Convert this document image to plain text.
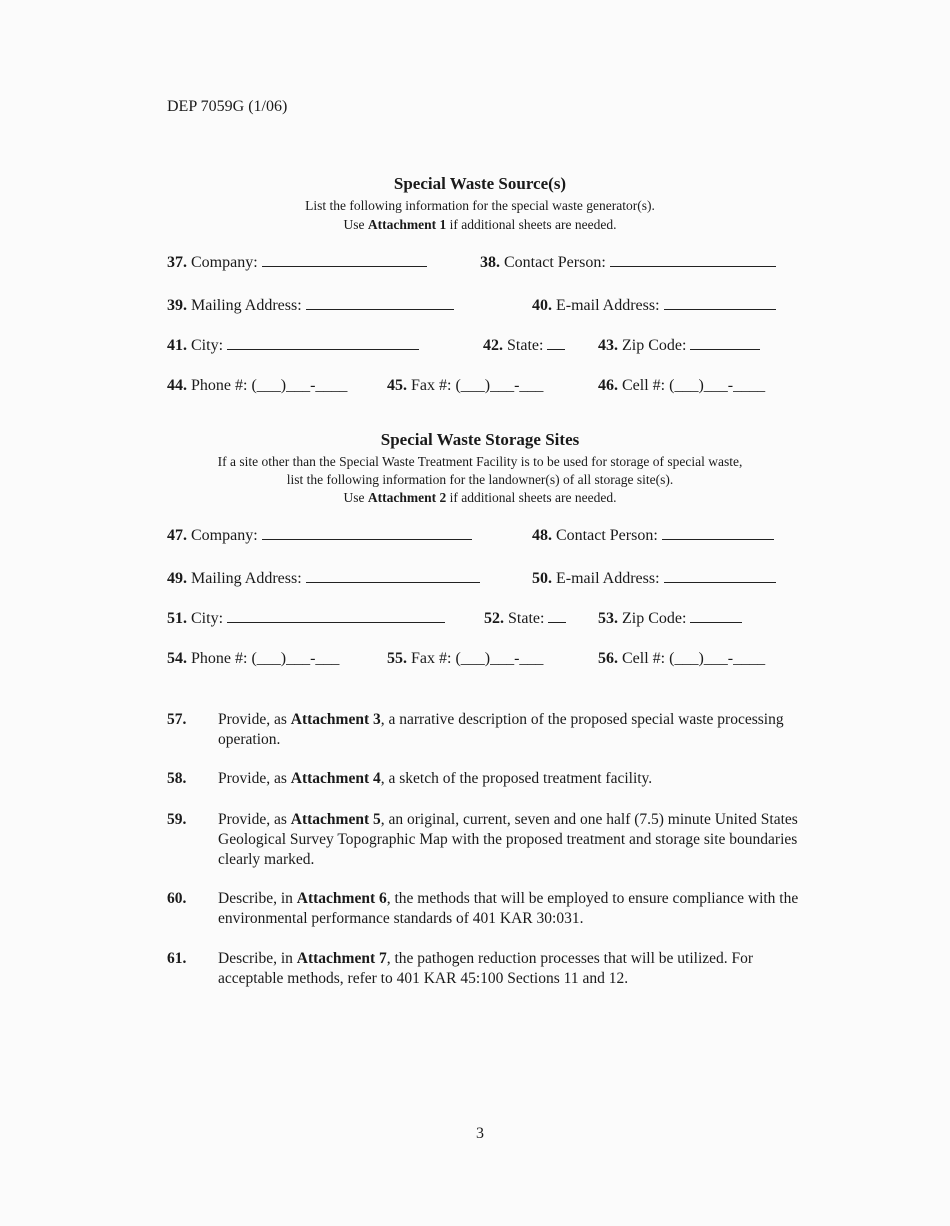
DEP 7059G (1/06)
Special Waste Source(s)
List the following information for the special waste generator(s).
Use Attachment 1 if additional sheets are needed.
37. Company:	38. Contact Person:
39. Mailing Address:	40. E-mail Address:
41. City:	42. State:	43. Zip Code:
44. Phone #: (___)___-____ 45. Fax #: (___)___-___	46. Cell #: (___)___-____
Special Waste Storage Sites
If a site other than the Special Waste Treatment Facility is to be used for storage of special waste,
list the following information for the landowner(s) of all storage site(s).
Use Attachment 2 if additional sheets are needed.
47. Company:	48. Contact Person:
49. Mailing Address:	50. E-mail Address:
51. City:	52. State:	53. Zip Code:
54. Phone #: (___)___-___	55. Fax #: (___)___-___	56. Cell #: (___)___-____
57. Provide, as Attachment 3, a narrative description of the proposed special waste processing operation.
58. Provide, as Attachment 4, a sketch of the proposed treatment facility.
59. Provide, as Attachment 5, an original, current, seven and one half (7.5) minute United States Geological Survey Topographic Map with the proposed treatment and storage site boundaries clearly marked.
60. Describe, in Attachment 6, the methods that will be employed to ensure compliance with the environmental performance standards of 401 KAR 30:031.
61. Describe, in Attachment 7, the pathogen reduction processes that will be utilized. For acceptable methods, refer to 401 KAR 45:100 Sections 11 and 12.
3
